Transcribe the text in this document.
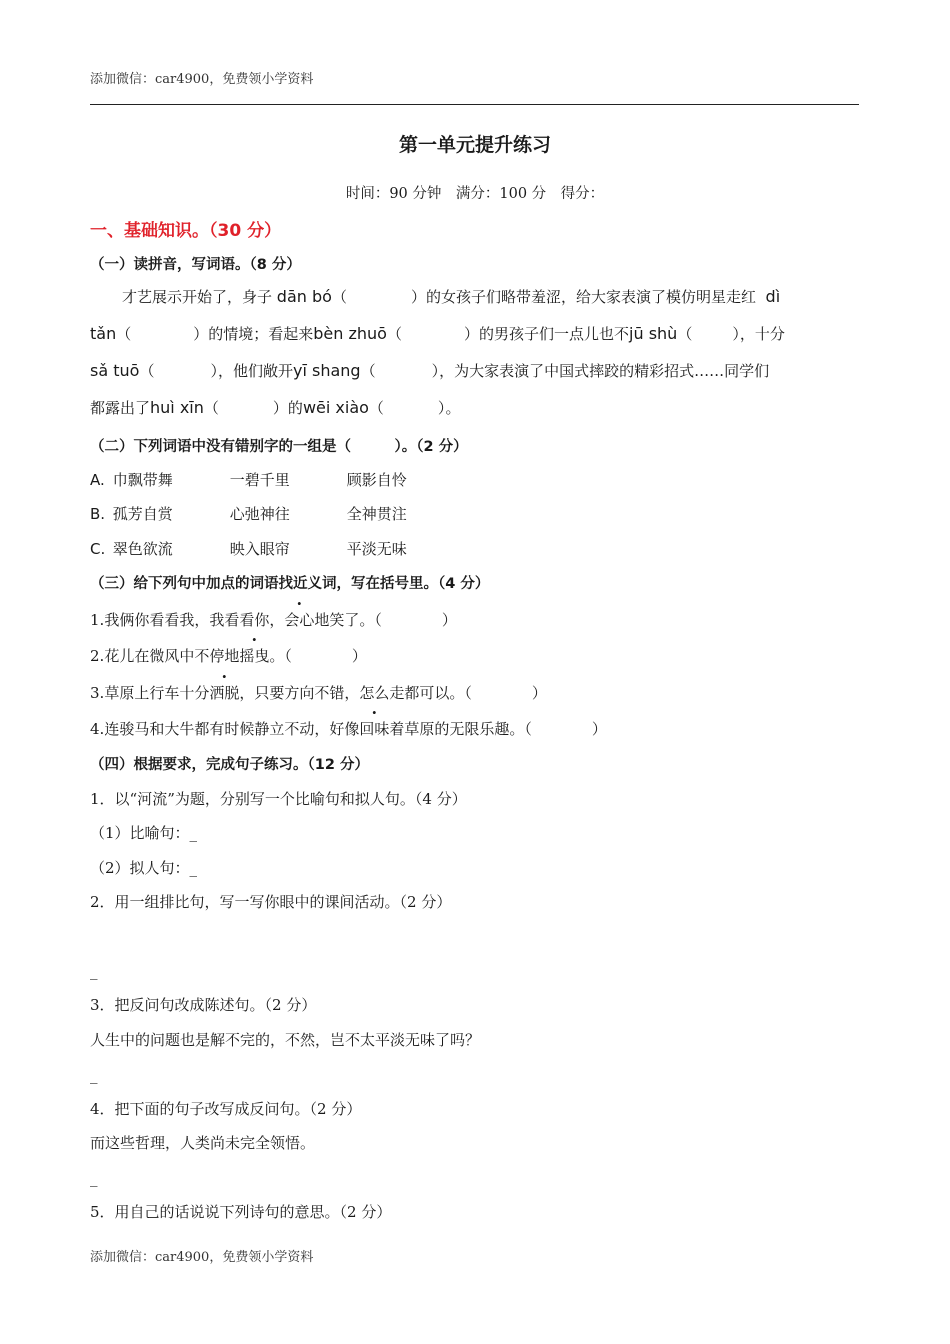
添加微信：car4900，免费领小学资料
第一单元提升练习
时间：90 分钟　满分：100 分　得分：
一、基础知识。（30 分）
（一）读拼音，写词语。（8 分）
才艺展示开始了，身子 dān bó（	）的女孩子们略带羞涩，给大家表演了模仿明星走红 dì
tǎn（	）的情境；看起来bèn zhuō（	）的男孩子们一点儿也不jū shù（	），十分
sǎ tuō（	），他们敞开yī shang（	），为大家表演了中国式摔跤的精彩招式……同学们
都露出了huì xīn（	）的wēi xiào（	）。
（二）下列词语中没有错别字的一组是（　　　）。（2 分）
A. 巾飘带舞	一碧千里	顾影自怜
B. 孤芳自赏	心弛神往	全神贯注
C. 翠色欲流	映入眼帘	平淡无味
（三）给下列句中加点的词语找近义词，写在括号里。（4 分）
1.我俩你看看我，我看看你，会心地笑了。（　　　　）
2.花儿在微风中不停地摇曳。（　　　　）
3.草原上行车十分洒脱，只要方向不错，怎么走都可以。（　　　　）
4.连骏马和大牛都有时候静立不动，好像回味着草原的无限乐趣。（　　　　）
（四）根据要求，完成句子练习。（12 分）
1．以“河流”为题，分别写一个比喻句和拟人句。（4 分）
（1）比喻句：_
（2）拟人句：_
2．用一组排比句，写一写你眼中的课间活动。（2 分）
_
3．把反问句改成陈述句。（2 分）
人生中的问题也是解不完的，不然，岂不太平淡无味了吗？
_
4．把下面的句子改写成反问句。（2 分）
而这些哲理，人类尚未完全领悟。
_
5．用自己的话说说下列诗句的意思。（2 分）
添加微信：car4900，免费领小学资料
